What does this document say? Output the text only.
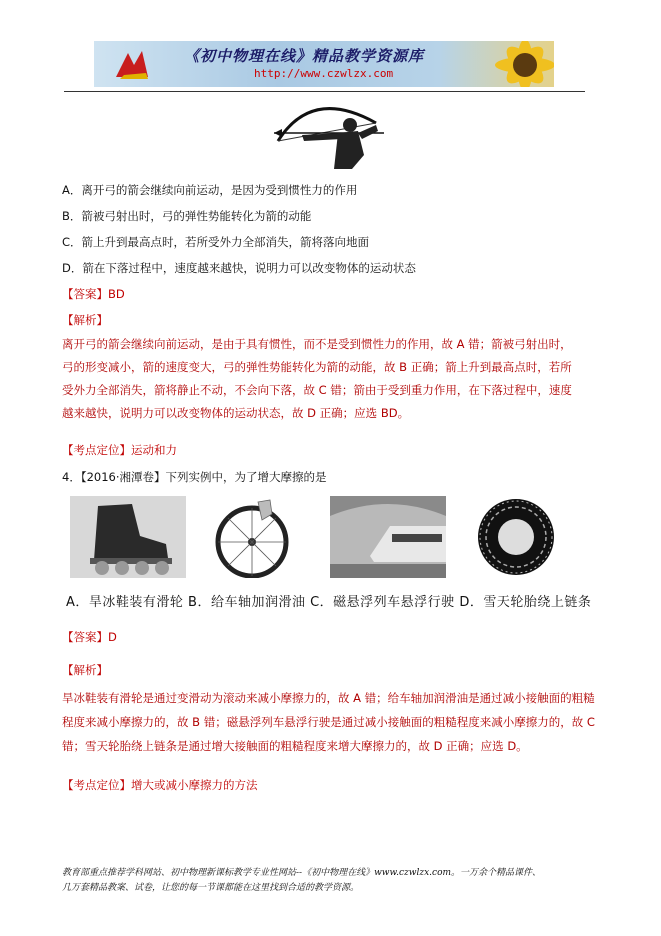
《初中物理在线》精品教学资源库
http://www.czwlzx.com
A．离开弓的箭会继续向前运动，是因为受到惯性力的作用
B．箭被弓射出时，弓的弹性势能转化为箭的动能
C．箭上升到最高点时，若所受外力全部消失，箭将落向地面
D．箭在下落过程中，速度越来越快，说明力可以改变物体的运动状态
【答案】BD
【解析】
离开弓的箭会继续向前运动，是由于具有惯性，而不是受到惯性力的作用，故 A 错；箭被弓射出时，
弓的形变减小，箭的速度变大，弓的弹性势能转化为箭的动能，故 B 正确；箭上升到最高点时，若所
受外力全部消失，箭将静止不动，不会向下落，故 C 错；箭由于受到重力作用，在下落过程中，速度
越来越快，说明力可以改变物体的运动状态，故 D 正确；应选 BD。
【考点定位】运动和力
4．【2016·湘潭卷】下列实例中，为了增大摩擦的是
A．旱冰鞋装有滑轮 B．给车轴加润滑油 C．磁悬浮列车悬浮行驶 D．雪天轮胎绕上链条
【答案】D
【解析】
旱冰鞋装有滑轮是通过变滑动为滚动来减小摩擦力的，故 A 错；给车轴加润滑油是通过减小接触面的粗糙
程度来减小摩擦力的，故 B 错；磁悬浮列车悬浮行驶是通过减小接触面的粗糙程度来减小摩擦力的，故 C
错；雪天轮胎绕上链条是通过增大接触面的粗糙程度来增大摩擦力的，故 D 正确；应选 D。
【考点定位】增大或减小摩擦力的方法
教育部重点推荐学科网站、初中物理新课标教学专业性网站--《初中物理在线》www.czwlzx.com。一万余个精品课件、
几万套精品教案、试卷，让您的每一节课都能在这里找到合适的教学资源。
